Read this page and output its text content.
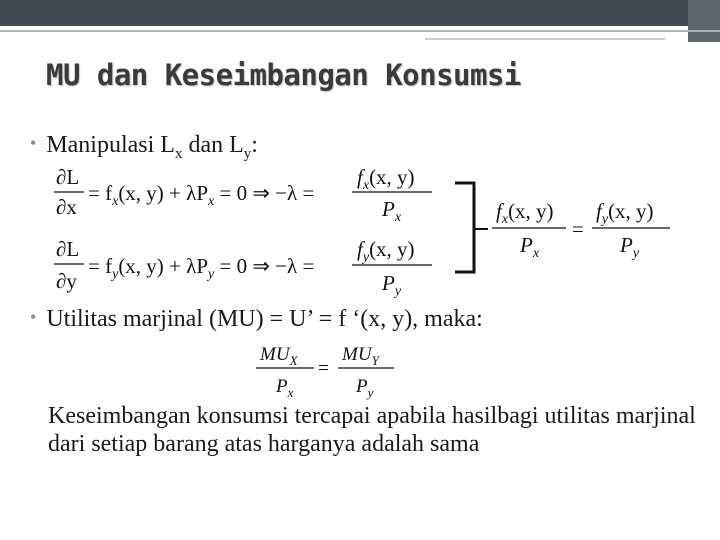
MU dan Keseimbangan Konsumsi
• Manipulasi $L_x$ dan $L_y$:
∂L
∂x
= $f_x(x$, $y) + \lambda P_x = 0$ ⇒ −λ =
$f_x(x$, y)
$P_x$
∂L
∂y
= $f_y(x$, $y) + \lambda P_y = 0$ ⇒ −λ =
$f_y(x$, y)
$P_y$
$f_x(x$, y)
$P_x$
=
$f_y(x$, y)
$P_y$
$MU_X$
$P_x$
=
$MU_Y$
$P_y$
• Utilitas marjinal (MU) = U’ = f ‘(x, y), maka:
Keseimbangan konsumsi tercapai apabila hasilbagi utilitas marjinal dari setiap barang atas harganya adalah sama
